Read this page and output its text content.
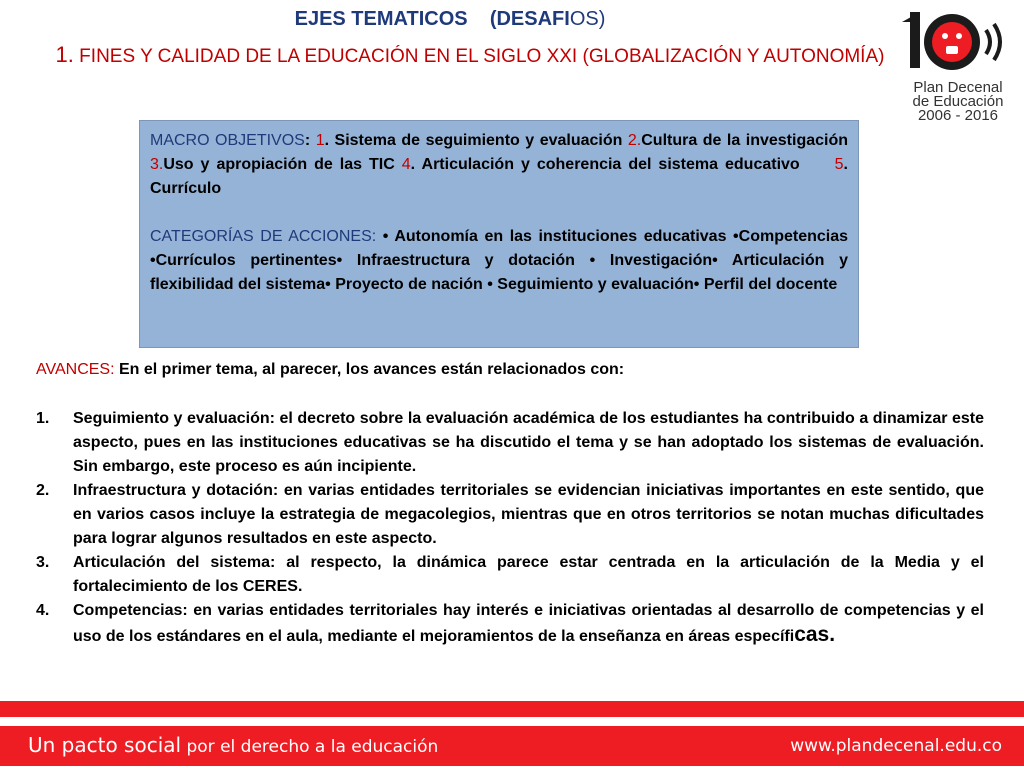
EJES TEMATICOS    (DESAFIOS)
1. FINES Y CALIDAD DE LA EDUCACIÓN EN EL SIGLO XXI (GLOBALIZACIÓN Y AUTONOMÍA)
Plan Decenal
de Educación
2006 - 2016

MACRO OBJETIVOS: 1. Sistema de seguimiento y evaluación 2.Cultura de la investigación 3.Uso y apropiación de las TIC 4. Articulación y coherencia del sistema educativo     5. Currículo

CATEGORÍAS DE ACCIONES: • Autonomía en las instituciones educativas •Competencias •Currículos pertinentes• Infraestructura y dotación • Investigación• Articulación y flexibilidad del sistema• Proyecto de nación • Seguimiento y evaluación• Perfil del docente

AVANCES: En el primer tema, al parecer, los avances están relacionados con:
1. Seguimiento y evaluación: el decreto sobre la evaluación académica de los estudiantes ha contribuido a dinamizar este aspecto, pues en las instituciones educativas se ha discutido el tema y se han adoptado los sistemas de evaluación. Sin embargo, este proceso es aún incipiente.
2. Infraestructura y dotación: en varias entidades territoriales se evidencian iniciativas importantes en este sentido, que en varios casos incluye la estrategia de megacolegios, mientras que en otros territorios se notan muchas dificultades para lograr algunos resultados en este aspecto.
3. Articulación del sistema: al respecto, la dinámica parece estar centrada en la articulación de la Media y el fortalecimiento de los CERES.
4. Competencias: en varias entidades territoriales hay interés e iniciativas orientadas al desarrollo de competencias y el uso de los estándares en el aula, mediante el mejoramientos de la enseñanza en áreas específicas.
Un pacto social por el derecho a la educación	www.plandecenal.edu.co
